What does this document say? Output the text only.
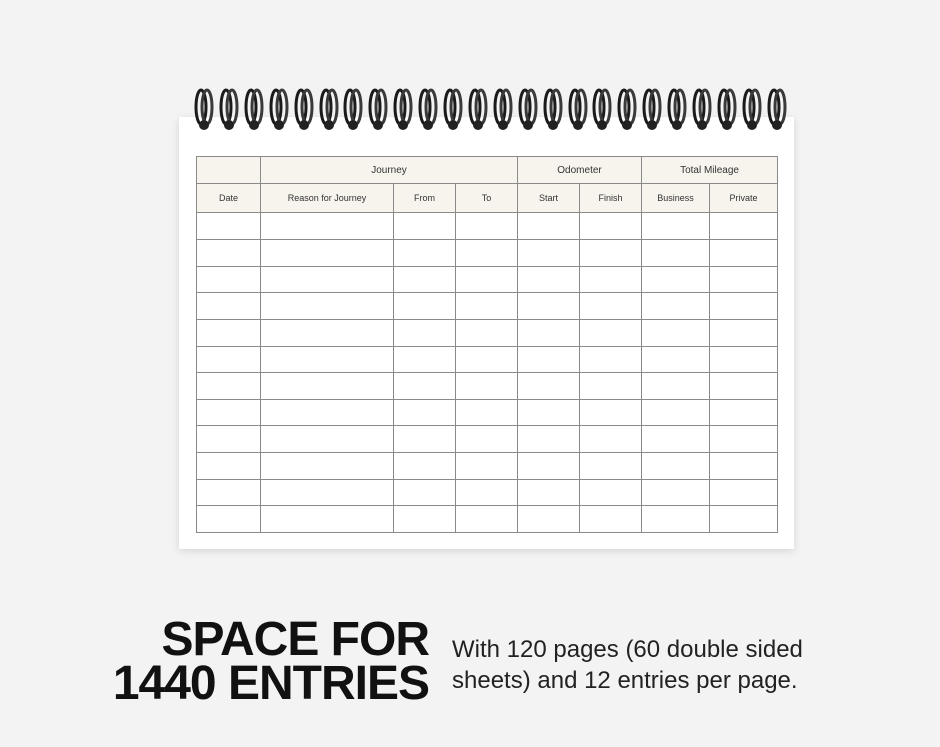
	Journey			Odometer		Total Mileage	
Date	Reason for Journey	From	To	Start	Finish	Business	Private

SPACE FOR
1440 ENTRIES
With 120 pages (60 double sided
sheets) and 12 entries per page.
